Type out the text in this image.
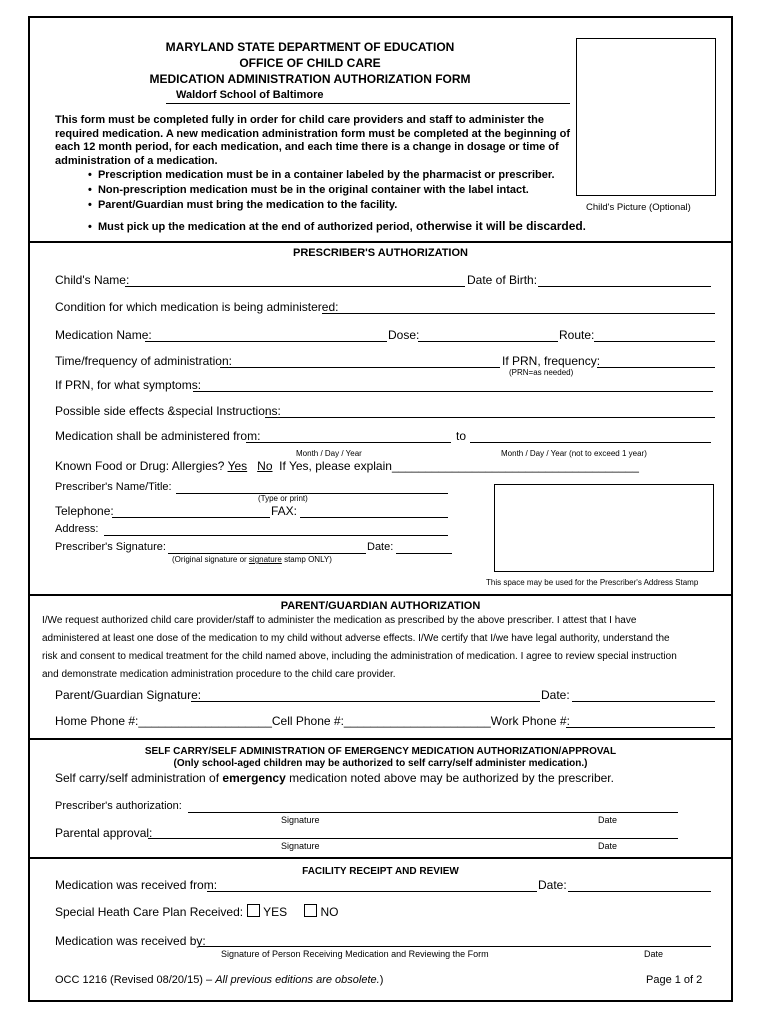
MARYLAND STATE DEPARTMENT OF EDUCATION
OFFICE OF CHILD CARE
MEDICATION ADMINISTRATION AUTHORIZATION FORM
Waldorf School of Baltimore
Child's Picture (Optional)
This form must be completed fully in order for child care providers and staff to administer the required medication. A new medication administration form must be completed at the beginning of each 12 month period, for each medication, and each time there is a change in dosage or time of administration of a medication.
•  Prescription medication must be in a container labeled by the pharmacist or prescriber.
•  Non-prescription medication must be in the original container with the label intact.
•  Parent/Guardian must bring the medication to the facility.
•  Must pick up the medication at the end of authorized period, otherwise it will be discarded.
PRESCRIBER'S AUTHORIZATION
Child's Name:	Date of Birth:
Condition for which medication is being administered:
Medication Name:	Dose:	Route:
Time/frequency of administration:	If PRN, frequency:
(PRN=as needed)
If PRN, for what symptoms:
Possible side effects &special Instructions:
Medication shall be administered from:	to
Month / Day / Year	Month / Day / Year (not to exceed 1 year)
Known Food or Drug: Allergies? Yes No If Yes, please explain_____________________________________
Prescriber's Name/Title:
(Type or print)
Telephone:	FAX:
Address:
Prescriber's Signature:	Date:
(Original signature or signature stamp ONLY)
This space may be used for the Prescriber's Address Stamp
PARENT/GUARDIAN AUTHORIZATION
I/We request authorized child care provider/staff to administer the medication as prescribed by the above prescriber. I attest that I have
administered at least one dose of the medication to my child without adverse effects. I/We certify that I/we have legal authority, understand the
risk and consent to medical treatment for the child named above, including the administration of medication. I agree to review special instruction
and demonstrate medication administration procedure to the child care provider.
Parent/Guardian Signature:	Date:
Home Phone #:____________________Cell Phone #:______________________Work Phone #:
SELF CARRY/SELF ADMINISTRATION OF EMERGENCY MEDICATION AUTHORIZATION/APPROVAL
(Only school-aged children may be authorized to self carry/self administer medication.)
Self carry/self administration of emergency medication noted above may be authorized by the prescriber.
Prescriber's authorization:
Signature	Date
Parental approval:
Signature	Date
FACILITY RECEIPT AND REVIEW
Medication was received from:	Date:
Special Heath Care Plan Received: YES	NO
Medication was received by:
Signature of Person Receiving Medication and Reviewing the Form	Date
OCC 1216 (Revised 08/20/15) – All previous editions are obsolete.)	Page 1 of 2
